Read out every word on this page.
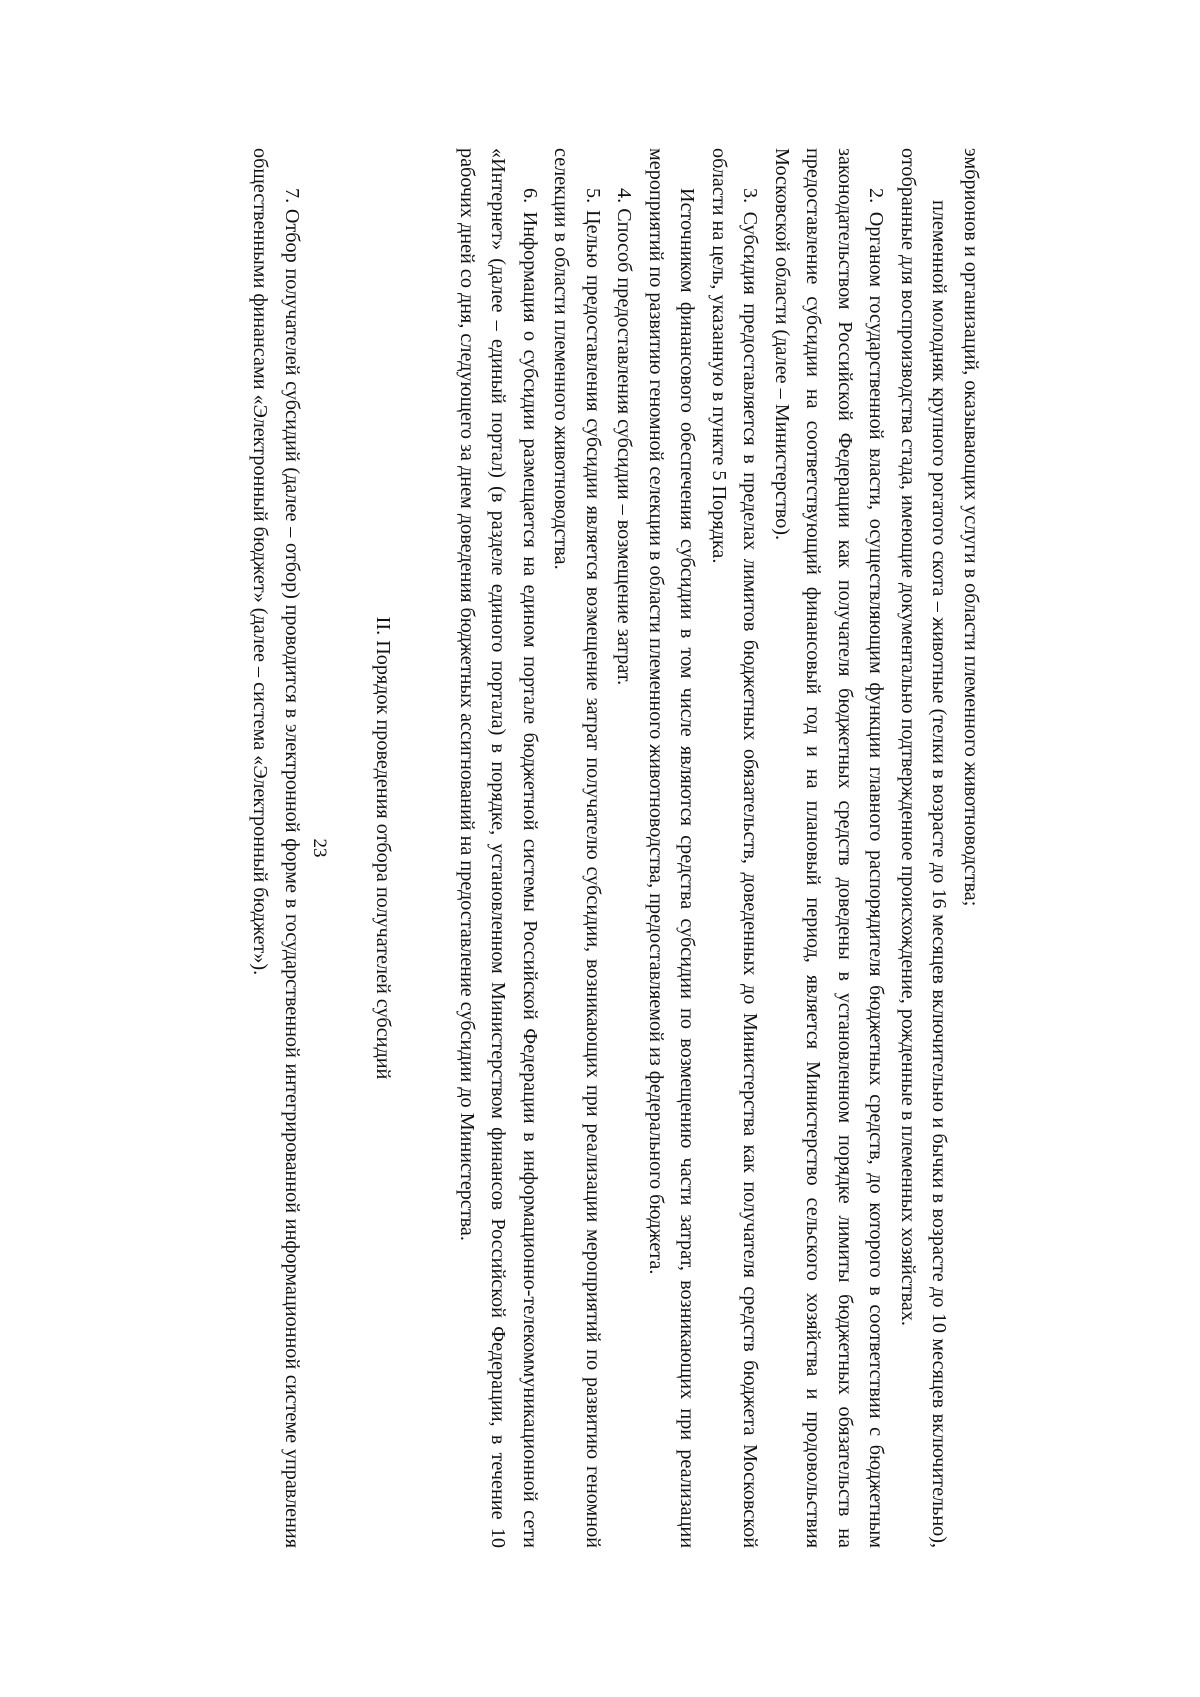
23	эмбрионов и организаций, оказывающих услуги в области племенного животноводства;

племенной молодняк крупного рогатого скота – животные (телки в возрасте до 16 месяцев включительно и бычки в возрасте до 10 месяцев включительно), отобранные для воспроизводства стада, имеющие документально подтвержденное происхождение, рожденные в племенных хозяйствах.

2. Органом государственной власти, осуществляющим функции главного распорядителя бюджетных средств, до которого в соответствии с бюджетным законодательством Российской Федерации как получателя бюджетных средств доведены в установленном порядке лимиты бюджетных обязательств на предоставление субсидии на соответствующий финансовый год и на плановый период, является Министерство сельского хозяйства и продовольствия Московской области (далее – Министерство).

3. Субсидия предоставляется в пределах лимитов бюджетных обязательств, доведенных до Министерства как получателя средств бюджета Московской области на цель, указанную в пункте 5 Порядка.

Источником финансового обеспечения субсидии в том числе являются средства субсидии по возмещению части затрат, возникающих при реализации мероприятий по развитию геномной селекции в области племенного животноводства, предоставляемой из федерального бюджета.

4. Способ предоставления субсидии – возмещение затрат.

5. Целью предоставления субсидии является возмещение затрат получателю субсидии, возникающих при реализации мероприятий по развитию геномной селекции в области племенного животноводства.

6. Информация о субсидии размещается на едином портале бюджетной системы Российской Федерации в информационно-телекоммуникационной сети «Интернет» (далее – единый портал) (в разделе единого портала) в порядке, установленном Министерством финансов Российской Федерации, в течение 10 рабочих дней со дня, следующего за днем доведения бюджетных ассигнований на предоставление субсидии до Министерства.

II. Порядок проведения отбора получателей субсидий

7. Отбор получателей субсидий (далее – отбор) проводится в электронной форме в государственной интегрированной информационной системе управления общественными финансами «Электронный бюджет» (далее – система «Электронный бюджет»).
